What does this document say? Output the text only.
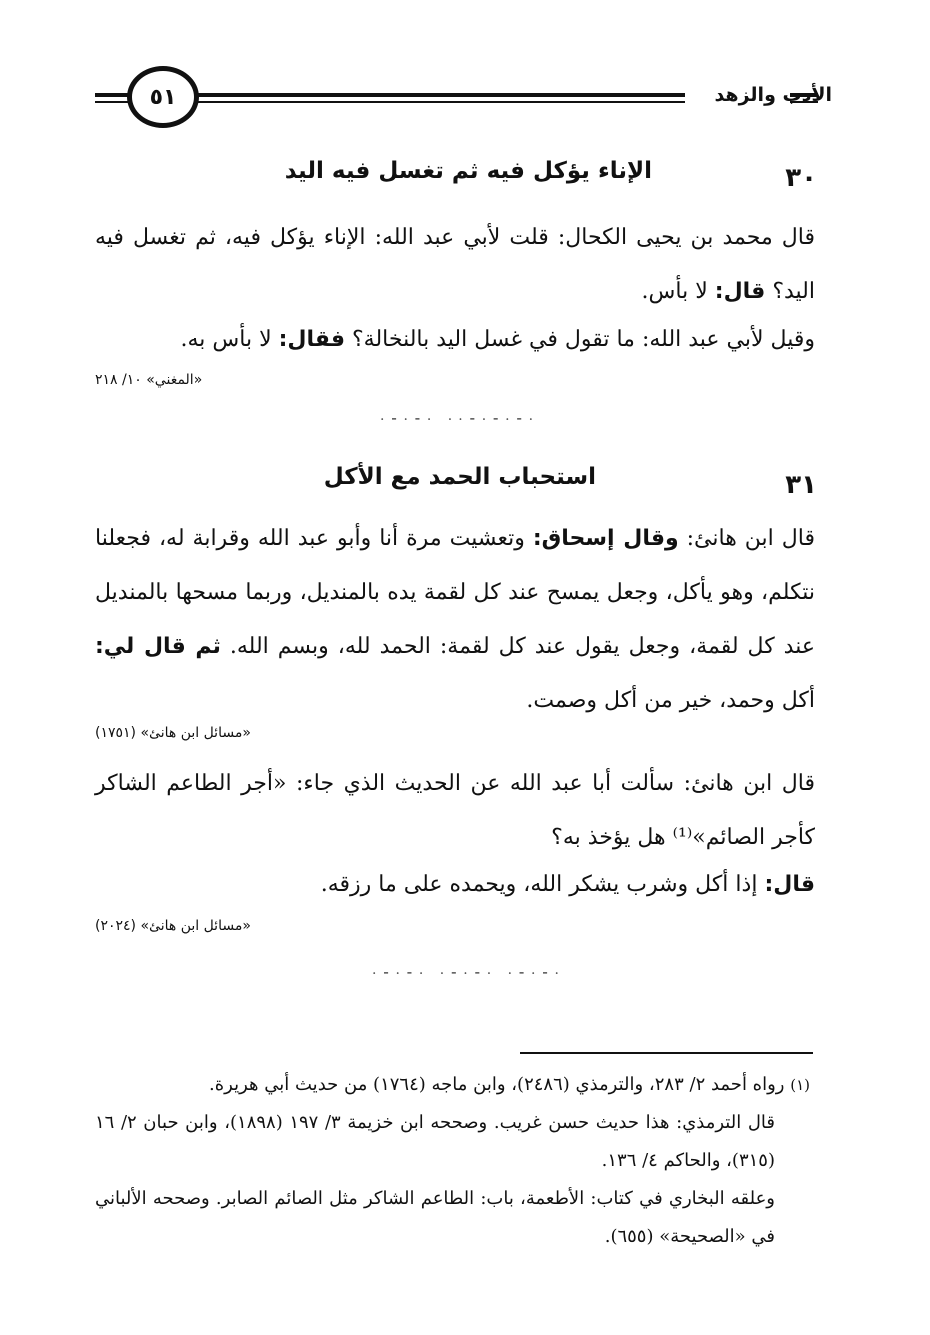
الأدب والزهد
٥١
٣٠
الإناء يؤكل فيه ثم تغسل فيه اليد
قال محمد بن يحيى الكحال: قلت لأبي عبد الله: الإناء يؤكل فيه، ثم تغسل فيه اليد؟ قال: لا بأس.
وقيل لأبي عبد الله: ما تقول في غسل اليد بالنخالة؟ فقال: لا بأس به.
«المغني» ١٠/ ٢١٨
·⁃·⁃· ··⁃·⁃·⁃·
٣١
استحباب الحمد مع الأكل
قال ابن هانئ: وقال إسحاق: وتعشيت مرة أنا وأبو عبد الله وقرابة له، فجعلنا نتكلم، وهو يأكل، وجعل يمسح عند كل لقمة يده بالمنديل، وربما مسحها بالمنديل عند كل لقمة، وجعل يقول عند كل لقمة: الحمد لله، وبسم الله. ثم قال لي: أكل وحمد، خير من أكل وصمت.
«مسائل ابن هانئ» (١٧٥١)
قال ابن هانئ: سألت أبا عبد الله عن الحديث الذي جاء: «أجر الطاعم الشاكر كأجر الصائم»⁽¹⁾ هل يؤخذ به؟
قال: إذا أكل وشرب يشكر الله، ويحمده على ما رزقه.
«مسائل ابن هانئ» (٢٠٢٤)
·⁃·⁃· ·⁃·⁃· ·⁃·⁃·
(١) رواه أحمد ٢/ ٢٨٣، والترمذي (٢٤٨٦)، وابن ماجه (١٧٦٤) من حديث أبي هريرة.
قال الترمذي: هذا حديث حسن غريب. وصححه ابن خزيمة ٣/ ١٩٧ (١٨٩٨)، وابن حبان ٢/ ١٦ (٣١٥)، والحاكم ٤/ ١٣٦.
وعلقه البخاري في كتاب: الأطعمة، باب: الطاعم الشاكر مثل الصائم الصابر. وصححه الألباني في «الصحيحة» (٦٥٥).
